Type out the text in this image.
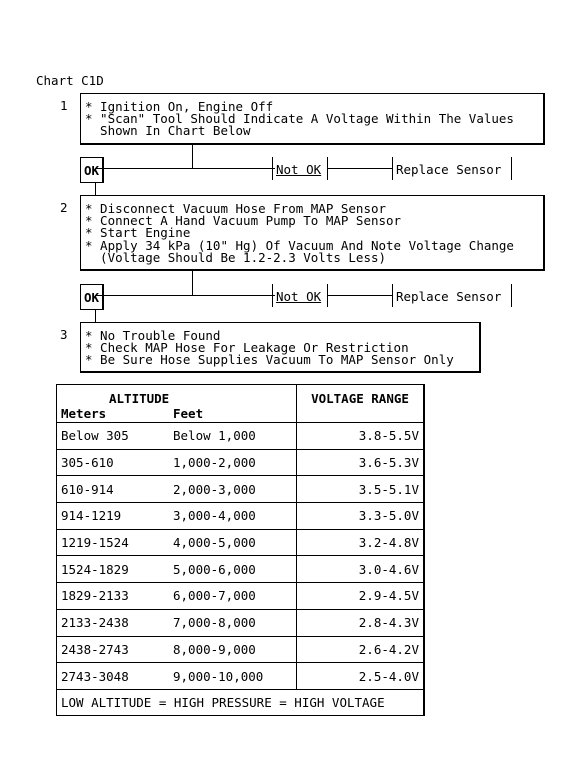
Chart C1D
1 * Ignition On, Engine Off
* "Scan" Tool Should Indicate A Voltage Within The Values
Shown In Chart Below
OK	Not OK	Replace Sensor
2 * Disconnect Vacuum Hose From MAP Sensor
* Connect A Hand Vacuum Pump To MAP Sensor
* Start Engine
* Apply 34 kPa (10" Hg) Of Vacuum And Note Voltage Change
(Voltage Should Be 1.2-2.3 Volts Less)
OK	Not OK	Replace Sensor
3 * No Trouble Found
* Check MAP Hose For Leakage Or Restriction
* Be Sure Hose Supplies Vacuum To MAP Sensor Only
ALTITUDE
Meters Feet	VOLTAGE RANGE
Below 305 Below 1,000	3.8-5.5V
305-610 1,000-2,000	3.6-5.3V
610-914 2,000-3,000	3.5-5.1V
914-1219 3,000-4,000	3.3-5.0V
1219-1524 4,000-5,000	3.2-4.8V
1524-1829 5,000-6,000	3.0-4.6V
1829-2133 6,000-7,000	2.9-4.5V
2133-2438 7,000-8,000	2.8-4.3V
2438-2743 8,000-9,000	2.6-4.2V
2743-3048 9,000-10,000	2.5-4.0V
LOW ALTITUDE = HIGH PRESSURE = HIGH VOLTAGE	
